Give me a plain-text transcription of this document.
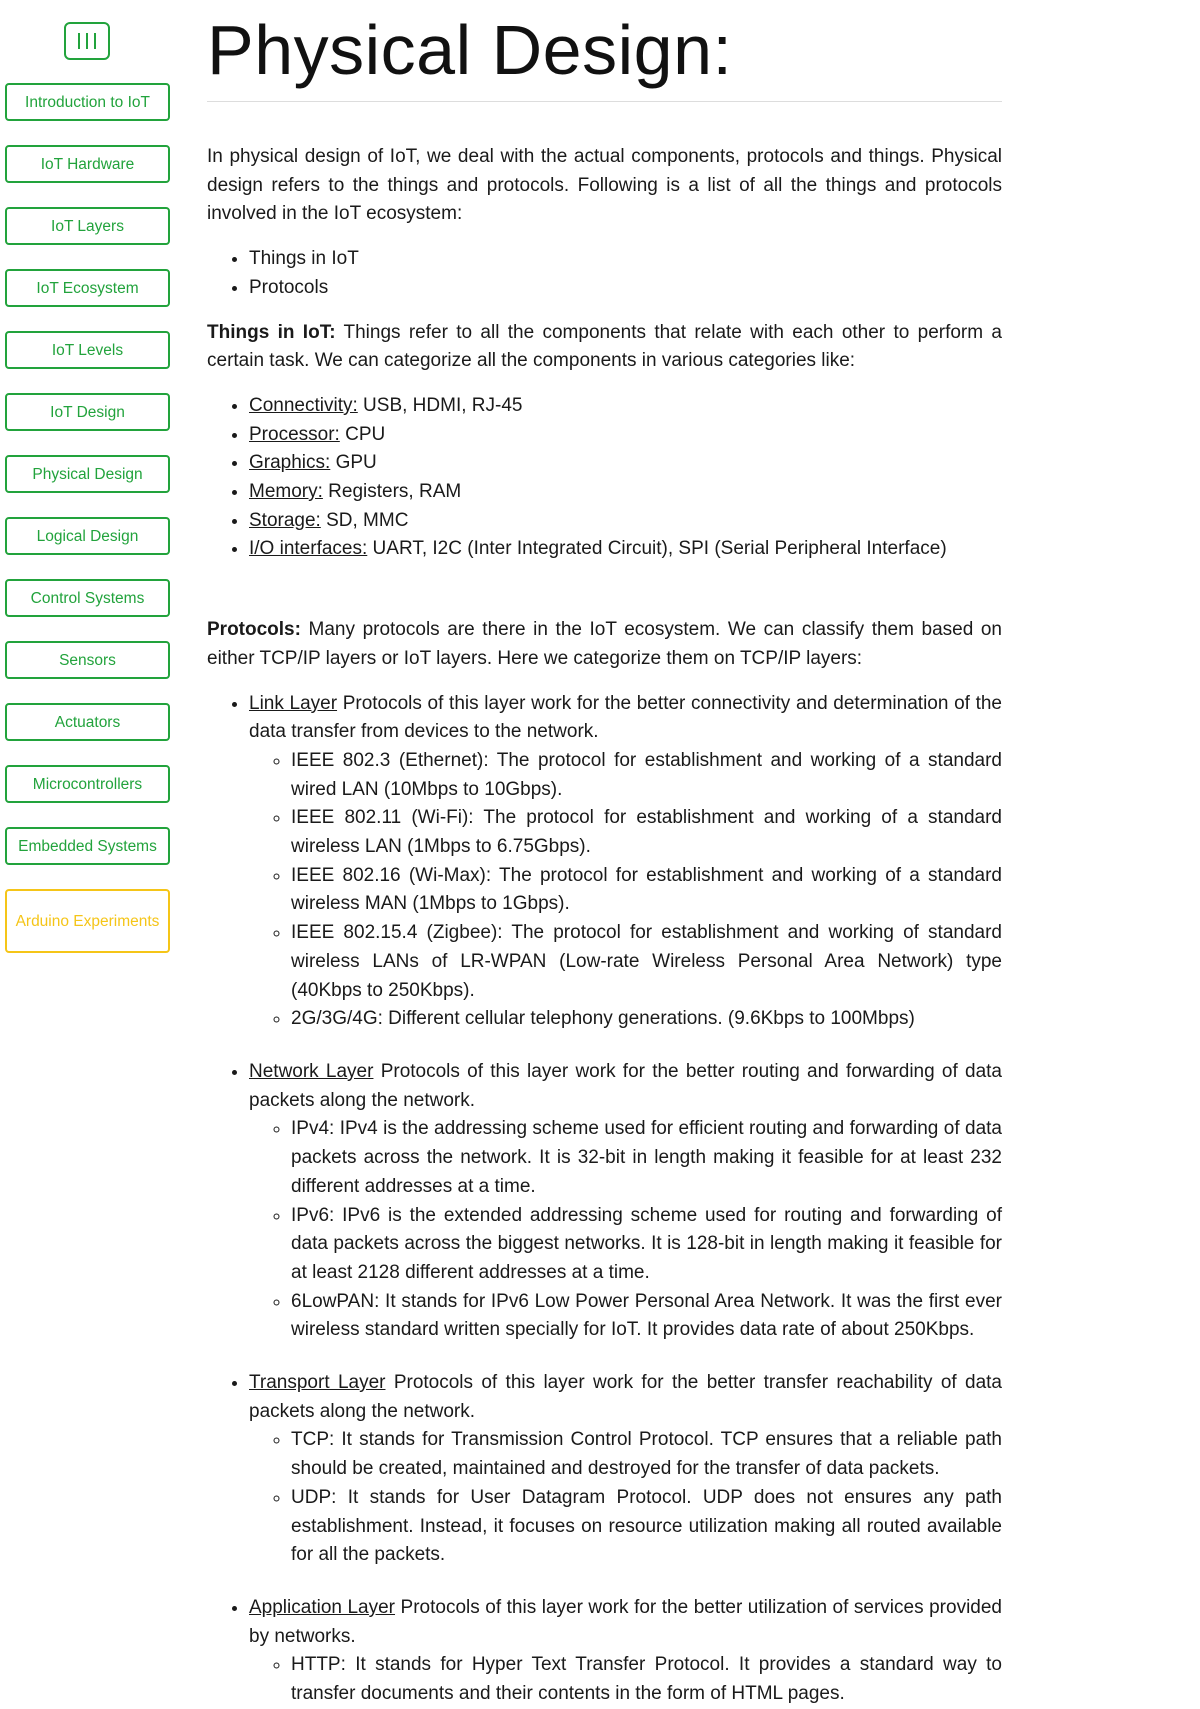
Introduction to IoT
IoT Hardware
IoT Layers
IoT Ecosystem
IoT Levels
IoT Design
Physical Design
Logical Design
Control Systems
Sensors
Actuators
Microcontrollers
Embedded Systems
Arduino Experiments
Physical Design:

In physical design of IoT, we deal with the actual components, protocols and things. Physical design refers to the things and protocols. Following is a list of all the things and protocols involved in the IoT ecosystem:

• Things in IoT
• Protocols

Things in IoT: Things refer to all the components that relate with each other to perform a certain task. We can categorize all the components in various categories like:

• Connectivity: USB, HDMI, RJ-45
• Processor: CPU
• Graphics: GPU
• Memory: Registers, RAM
• Storage: SD, MMC
• I/O interfaces: UART, I2C (Inter Integrated Circuit), SPI (Serial Peripheral Interface)

Protocols: Many protocols are there in the IoT ecosystem. We can classify them based on either TCP/IP layers or IoT layers. Here we categorize them on TCP/IP layers:

• Link Layer Protocols of this layer work for the better connectivity and determination of the data transfer from devices to the network.
◦ IEEE 802.3 (Ethernet): The protocol for establishment and working of a standard wired LAN (10Mbps to 10Gbps).
◦ IEEE 802.11 (Wi-Fi): The protocol for establishment and working of a standard wireless LAN (1Mbps to 6.75Gbps).
◦ IEEE 802.16 (Wi-Max): The protocol for establishment and working of a standard wireless MAN (1Mbps to 1Gbps).
◦ IEEE 802.15.4 (Zigbee): The protocol for establishment and working of standard wireless LANs of LR-WPAN (Low-rate Wireless Personal Area Network) type (40Kbps to 250Kbps).
◦ 2G/3G/4G: Different cellular telephony generations. (9.6Kbps to 100Mbps)
• Network Layer Protocols of this layer work for the better routing and forwarding of data packets along the network.
◦ IPv4: IPv4 is the addressing scheme used for efficient routing and forwarding of data packets across the network. It is 32-bit in length making it feasible for at least 232 different addresses at a time.
◦ IPv6: IPv6 is the extended addressing scheme used for routing and forwarding of data packets across the biggest networks. It is 128-bit in length making it feasible for at least 2128 different addresses at a time.
◦ 6LowPAN: It stands for IPv6 Low Power Personal Area Network. It was the first ever wireless standard written specially for IoT. It provides data rate of about 250Kbps.
• Transport Layer Protocols of this layer work for the better transfer reachability of data packets along the network.
◦ TCP: It stands for Transmission Control Protocol. TCP ensures that a reliable path should be created, maintained and destroyed for the transfer of data packets.
◦ UDP: It stands for User Datagram Protocol. UDP does not ensures any path establishment. Instead, it focuses on resource utilization making all routed available for all the packets.
• Application Layer Protocols of this layer work for the better utilization of services provided by networks.
◦ HTTP: It stands for Hyper Text Transfer Protocol. It provides a standard way to transfer documents and their contents in the form of HTML pages.
